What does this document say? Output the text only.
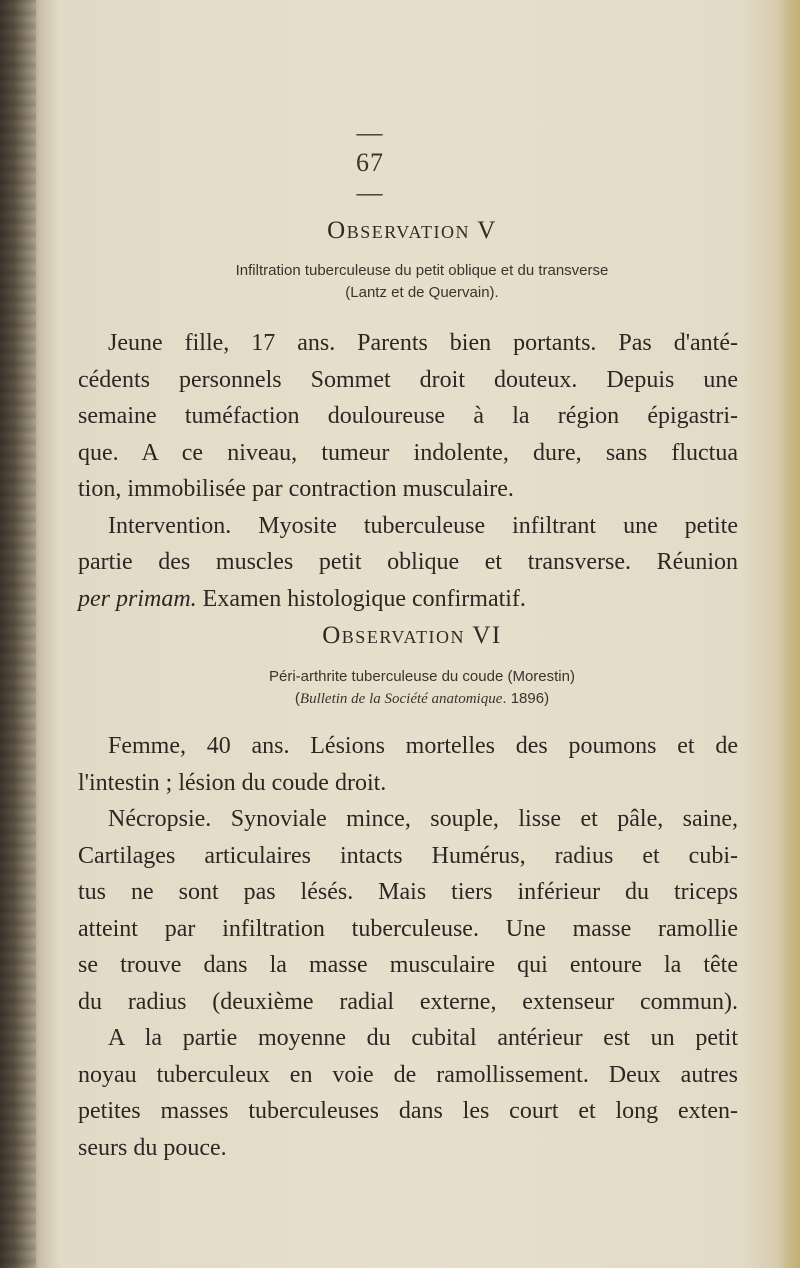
— 67 —
Observation V
Infiltration tuberculeuse du petit oblique et du transverse
(Lantz et de Quervain).
Jeune fille, 17 ans. Parents bien portants. Pas d'anté-
cédents personnels Sommet droit douteux. Depuis une
semaine tuméfaction douloureuse à la région épigastri-
que. A ce niveau, tumeur indolente, dure, sans fluctua
tion, immobilisée par contraction musculaire.
Intervention. Myosite tuberculeuse infiltrant une petite
partie des muscles petit oblique et transverse. Réunion
per primam. Examen histologique confirmatif.
Observation VI
Péri-arthrite tuberculeuse du coude (Morestin)
(Bulletin de la Société anatomique. 1896)
Femme, 40 ans. Lésions mortelles des poumons et de
l'intestin ; lésion du coude droit.
Nécropsie. Synoviale mince, souple, lisse et pâle, saine,
Cartilages articulaires intacts Humérus, radius et cubi-
tus ne sont pas lésés. Mais tiers inférieur du triceps
atteint par infiltration tuberculeuse. Une masse ramollie
se trouve dans la masse musculaire qui entoure la tête
du radius (deuxième radial externe, extenseur commun).
A la partie moyenne du cubital antérieur est un petit
noyau tuberculeux en voie de ramollissement. Deux autres
petites masses tuberculeuses dans les court et long exten-
seurs du pouce.
